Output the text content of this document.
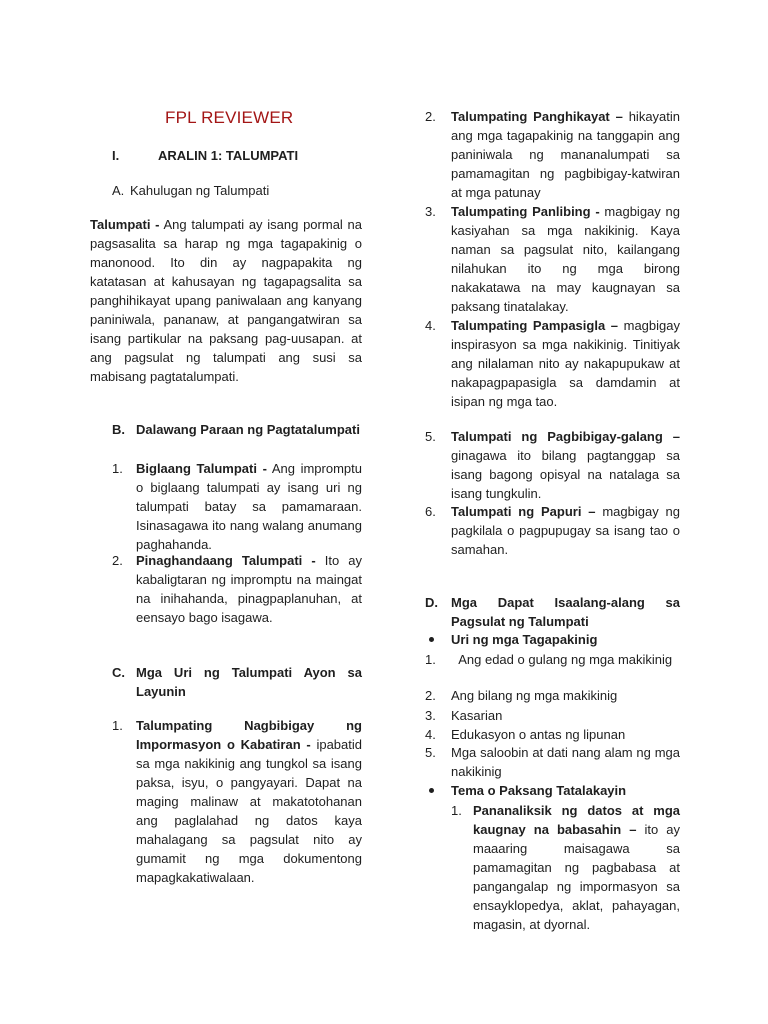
FPL REVIEWER
I.	ARALIN 1: TALUMPATI
A. Kahulugan ng Talumpati
Talumpati - Ang talumpati ay isang pormal na pagsasalita sa harap ng mga tagapakinig o manonood. Ito din ay nagpapakita ng katatasan at kahusayan ng tagapagsalita sa panghihikayat upang paniwalaan ang kanyang paniniwala, pananaw, at pangangatwiran sa isang partikular na paksang pag-uusapan. at ang pagsulat ng talumpati ang susi sa mabisang pagtatalumpati.
B. Dalawang Paraan ng Pagtatalumpati
1. Biglaang Talumpati - Ang impromptu o biglaang talumpati ay isang uri ng talumpati batay sa pamamaraan. Isinasagawa ito nang walang anumang paghahanda.
2. Pinaghandaang Talumpati - Ito ay kabaligtaran ng impromptu na maingat na inihahanda, pinagpaplanuhan, at eensayo bago isagawa.
C. Mga Uri ng Talumpati Ayon sa Layunin
1. Talumpating Nagbibigay ng Impormasyon o Kabatiran - ipabatid sa mga nakikinig ang tungkol sa isang paksa, isyu, o pangyayari. Dapat na maging malinaw at makatotohanan ang paglalahad ng datos kaya mahalagang sa pagsulat nito ay gumamit ng mga dokumentong mapagkakatiwalaan.
2. Talumpating Panghikayat – hikayatin ang mga tagapakinig na tanggapin ang paniniwala ng mananalumpati sa pamamagitan ng pagbibigay-katwiran at mga patunay
3. Talumpating Panlibing - magbigay ng kasiyahan sa mga nakikinig. Kaya naman sa pagsulat nito, kailangang nilahukan ito ng mga birong nakakatawa na may kaugnayan sa paksang tinatalakay.
4. Talumpating Pampasigla – magbigay inspirasyon sa mga nakikinig. Tinitiyak ang nilalaman nito ay nakapupukaw at nakapagpapasigla sa damdamin at isipan ng mga tao.
5. Talumpati ng Pagbibigay-galang – ginagawa ito bilang pagtanggap sa isang bagong opisyal na natalaga sa isang tungkulin.
6. Talumpati ng Papuri – magbigay ng pagkilala o pagpupugay sa isang tao o samahan.
D. Mga Dapat Isaalang-alang sa Pagsulat ng Talumpati
Uri ng mga Tagapakinig
1. Ang edad o gulang ng mga makikinig
2. Ang bilang ng mga makikinig
3. Kasarian
4. Edukasyon o antas ng lipunan
5. Mga saloobin at dati nang alam ng mga nakikinig
Tema o Paksang Tatalakayin
1. Pananaliksik ng datos at mga kaugnay na babasahin – ito ay maaaring maisagawa sa pamamagitan ng pagbabasa at pangangalap ng impormasyon sa ensayklopedya, aklat, pahayagan, magasin, at dyornal.
